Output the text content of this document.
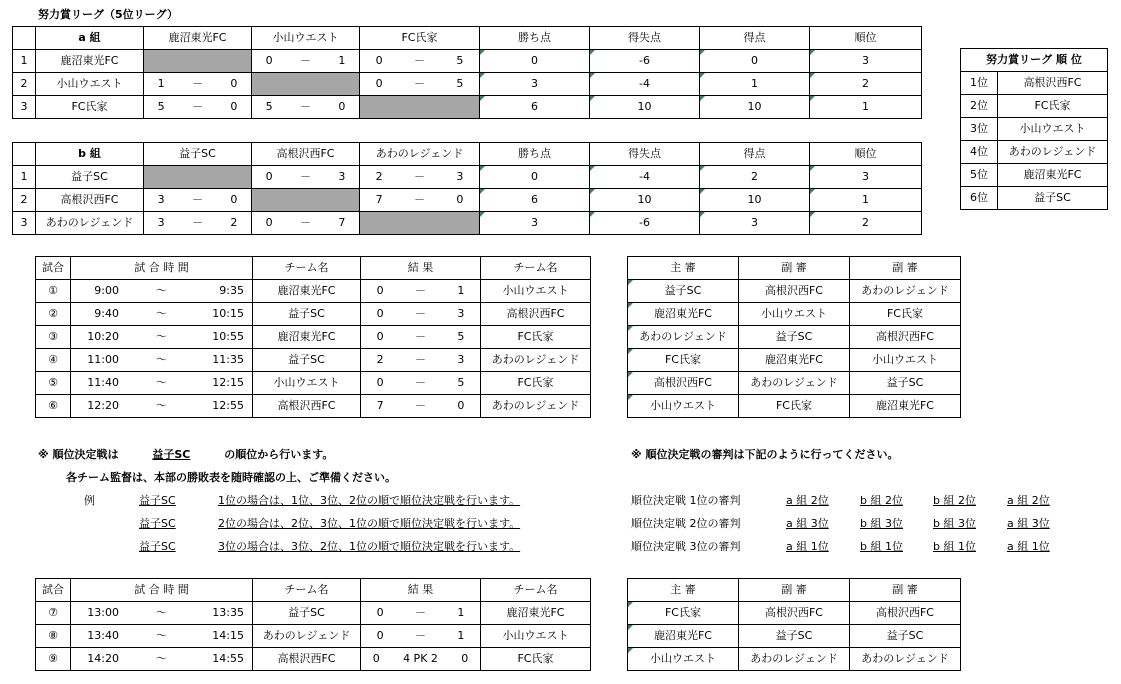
努力賞リーグ（5位リーグ）
	a 組	鹿沼東光FC	小山ウエスト	FC氏家	勝ち点	得失点	得点	順位
1	鹿沼東光FC		0 － 1	0 － 5	0	-6	0	3
2	小山ウエスト	1 － 0		0 － 5	3	-4	1	2
3	FC氏家	5 － 0	5 － 0		6	10	10	1
	b 組	益子SC	高根沢西FC	あわのレジェンド	勝ち点	得失点	得点	順位
1	益子SC		0 － 3	2 － 3	0	-4	2	3
2	高根沢西FC	3 － 0		7 － 0	6	10	10	1
3	あわのレジェンド	3 － 2	0 － 7		3	-6	3	2
努力賞リーグ 順 位	
1位	高根沢西FC
2位	FC氏家
3位	小山ウエスト
4位	あわのレジェンド
5位	鹿沼東光FC
6位	益子SC
試合	試 合 時 間	チーム名	結 果	チーム名
①	9:00 〜 9:35	鹿沼東光FC	0 － 1	小山ウエスト
②	9:40 〜 10:15	益子SC	0 － 3	高根沢西FC
③	10:20 〜 10:55	鹿沼東光FC	0 － 5	FC氏家
④	11:00 〜 11:35	益子SC	2 － 3	あわのレジェンド
⑤	11:40 〜 12:15	小山ウエスト	0 － 5	FC氏家
⑥	12:20 〜 12:55	高根沢西FC	7 － 0	あわのレジェンド
主 審	副 審	副 審
益子SC	高根沢西FC	あわのレジェンド
鹿沼東光FC	小山ウエスト	FC氏家
あわのレジェンド	益子SC	高根沢西FC
FC氏家	鹿沼東光FC	小山ウエスト
高根沢西FC	あわのレジェンド	益子SC
小山ウエスト	FC氏家	鹿沼東光FC
※ 順位決定戦は	益子SC	の順位から行います。
各チーム監督は、本部の勝敗表を随時確認の上、ご準備ください。
例	益子SC	1位の場合は、1位、3位、2位の順で順位決定戦を行います。
益子SC	2位の場合は、2位、3位、1位の順で順位決定戦を行います。
益子SC	3位の場合は、3位、2位、1位の順で順位決定戦を行います。
※ 順位決定戦の審判は下記のように行ってください。
順位決定戦 1位の審判	a 組 2位	b 組 2位	b 組 2位	a 組 2位
順位決定戦 2位の審判	a 組 3位	b 組 3位	b 組 3位	a 組 3位
順位決定戦 3位の審判	a 組 1位	b 組 1位	b 組 1位	a 組 1位
試合	試 合 時 間	チーム名	結 果	チーム名
⑦	13:00 〜 13:35	益子SC	0 － 1	鹿沼東光FC
⑧	13:40 〜 14:15	あわのレジェンド	0 － 1	小山ウエスト
⑨	14:20 〜 14:55	高根沢西FC	0 4 PK 2 0	FC氏家
主 審	副 審	副 審
FC氏家	高根沢西FC	高根沢西FC
鹿沼東光FC	益子SC	益子SC
小山ウエスト	あわのレジェンド	あわのレジェンド
